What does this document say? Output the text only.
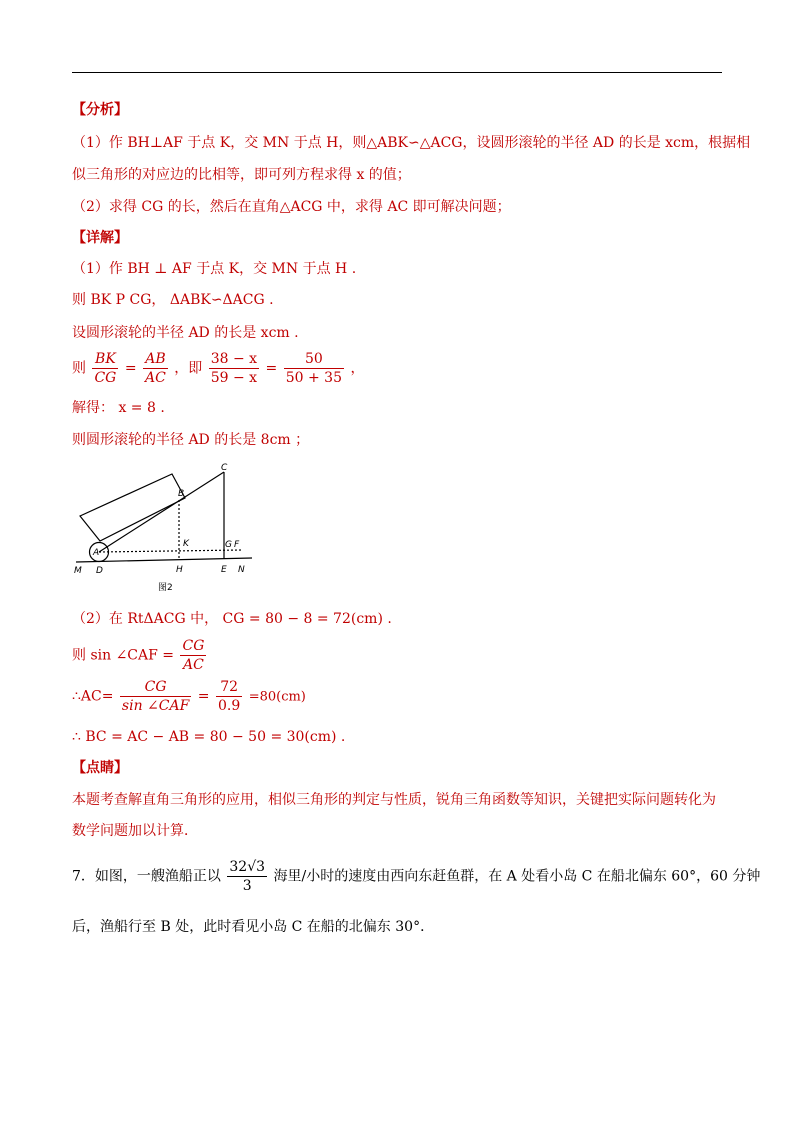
【分析】
（1）作 BH⊥AF 于点 K，交 MN 于点 H，则△ABK∽△ACG，设圆形滚轮的半径 AD 的长是 xcm，根据相
似三角形的对应边的比相等，即可列方程求得 x 的值；
（2）求得 CG 的长，然后在直角△ACG 中，求得 AC 即可解决问题；
【详解】
（1）作 BH ⊥ AF 于点 K，交 MN 于点 H .
则 BK P CG， ΔABK∽ΔACG .
设圆形滚轮的半径 AD 的长是 xcm .
则 $\frac{BK}{CG} = \frac{AB}{AC}$ ，即 $\frac{38 - x}{59 - x} = \frac{50}{50 + 35}$ ，
解得： x = 8 .
则圆形滚轮的半径 AD 的长是 8cm ；
C
B
K	G F
A
M D	H	E N
图2
（2）在 RtΔACG 中， CG = 80 − 8 = 72(cm) .
则 sin ∠CAF = $\frac{CG}{AC}$
∴AC= $\frac{CG}{\text{sin ∠CAF}} = \frac{72}{0.9} =80(cm)$
∴ BC = AC − AB = 80 − 50 = 30(cm) .
【点睛】
本题考查解直角三角形的应用，相似三角形的判定与性质，锐角三角函数等知识，关键把实际问题转化为
数学问题加以计算．
7．如图，一艘渔船正以 $\frac{32√3}{3}$ 海里/小时的速度由西向东赶鱼群，在 A 处看小岛 C 在船北偏东 60°，60 分钟
后，渔船行至 B 处，此时看见小岛 C 在船的北偏东 30°．
